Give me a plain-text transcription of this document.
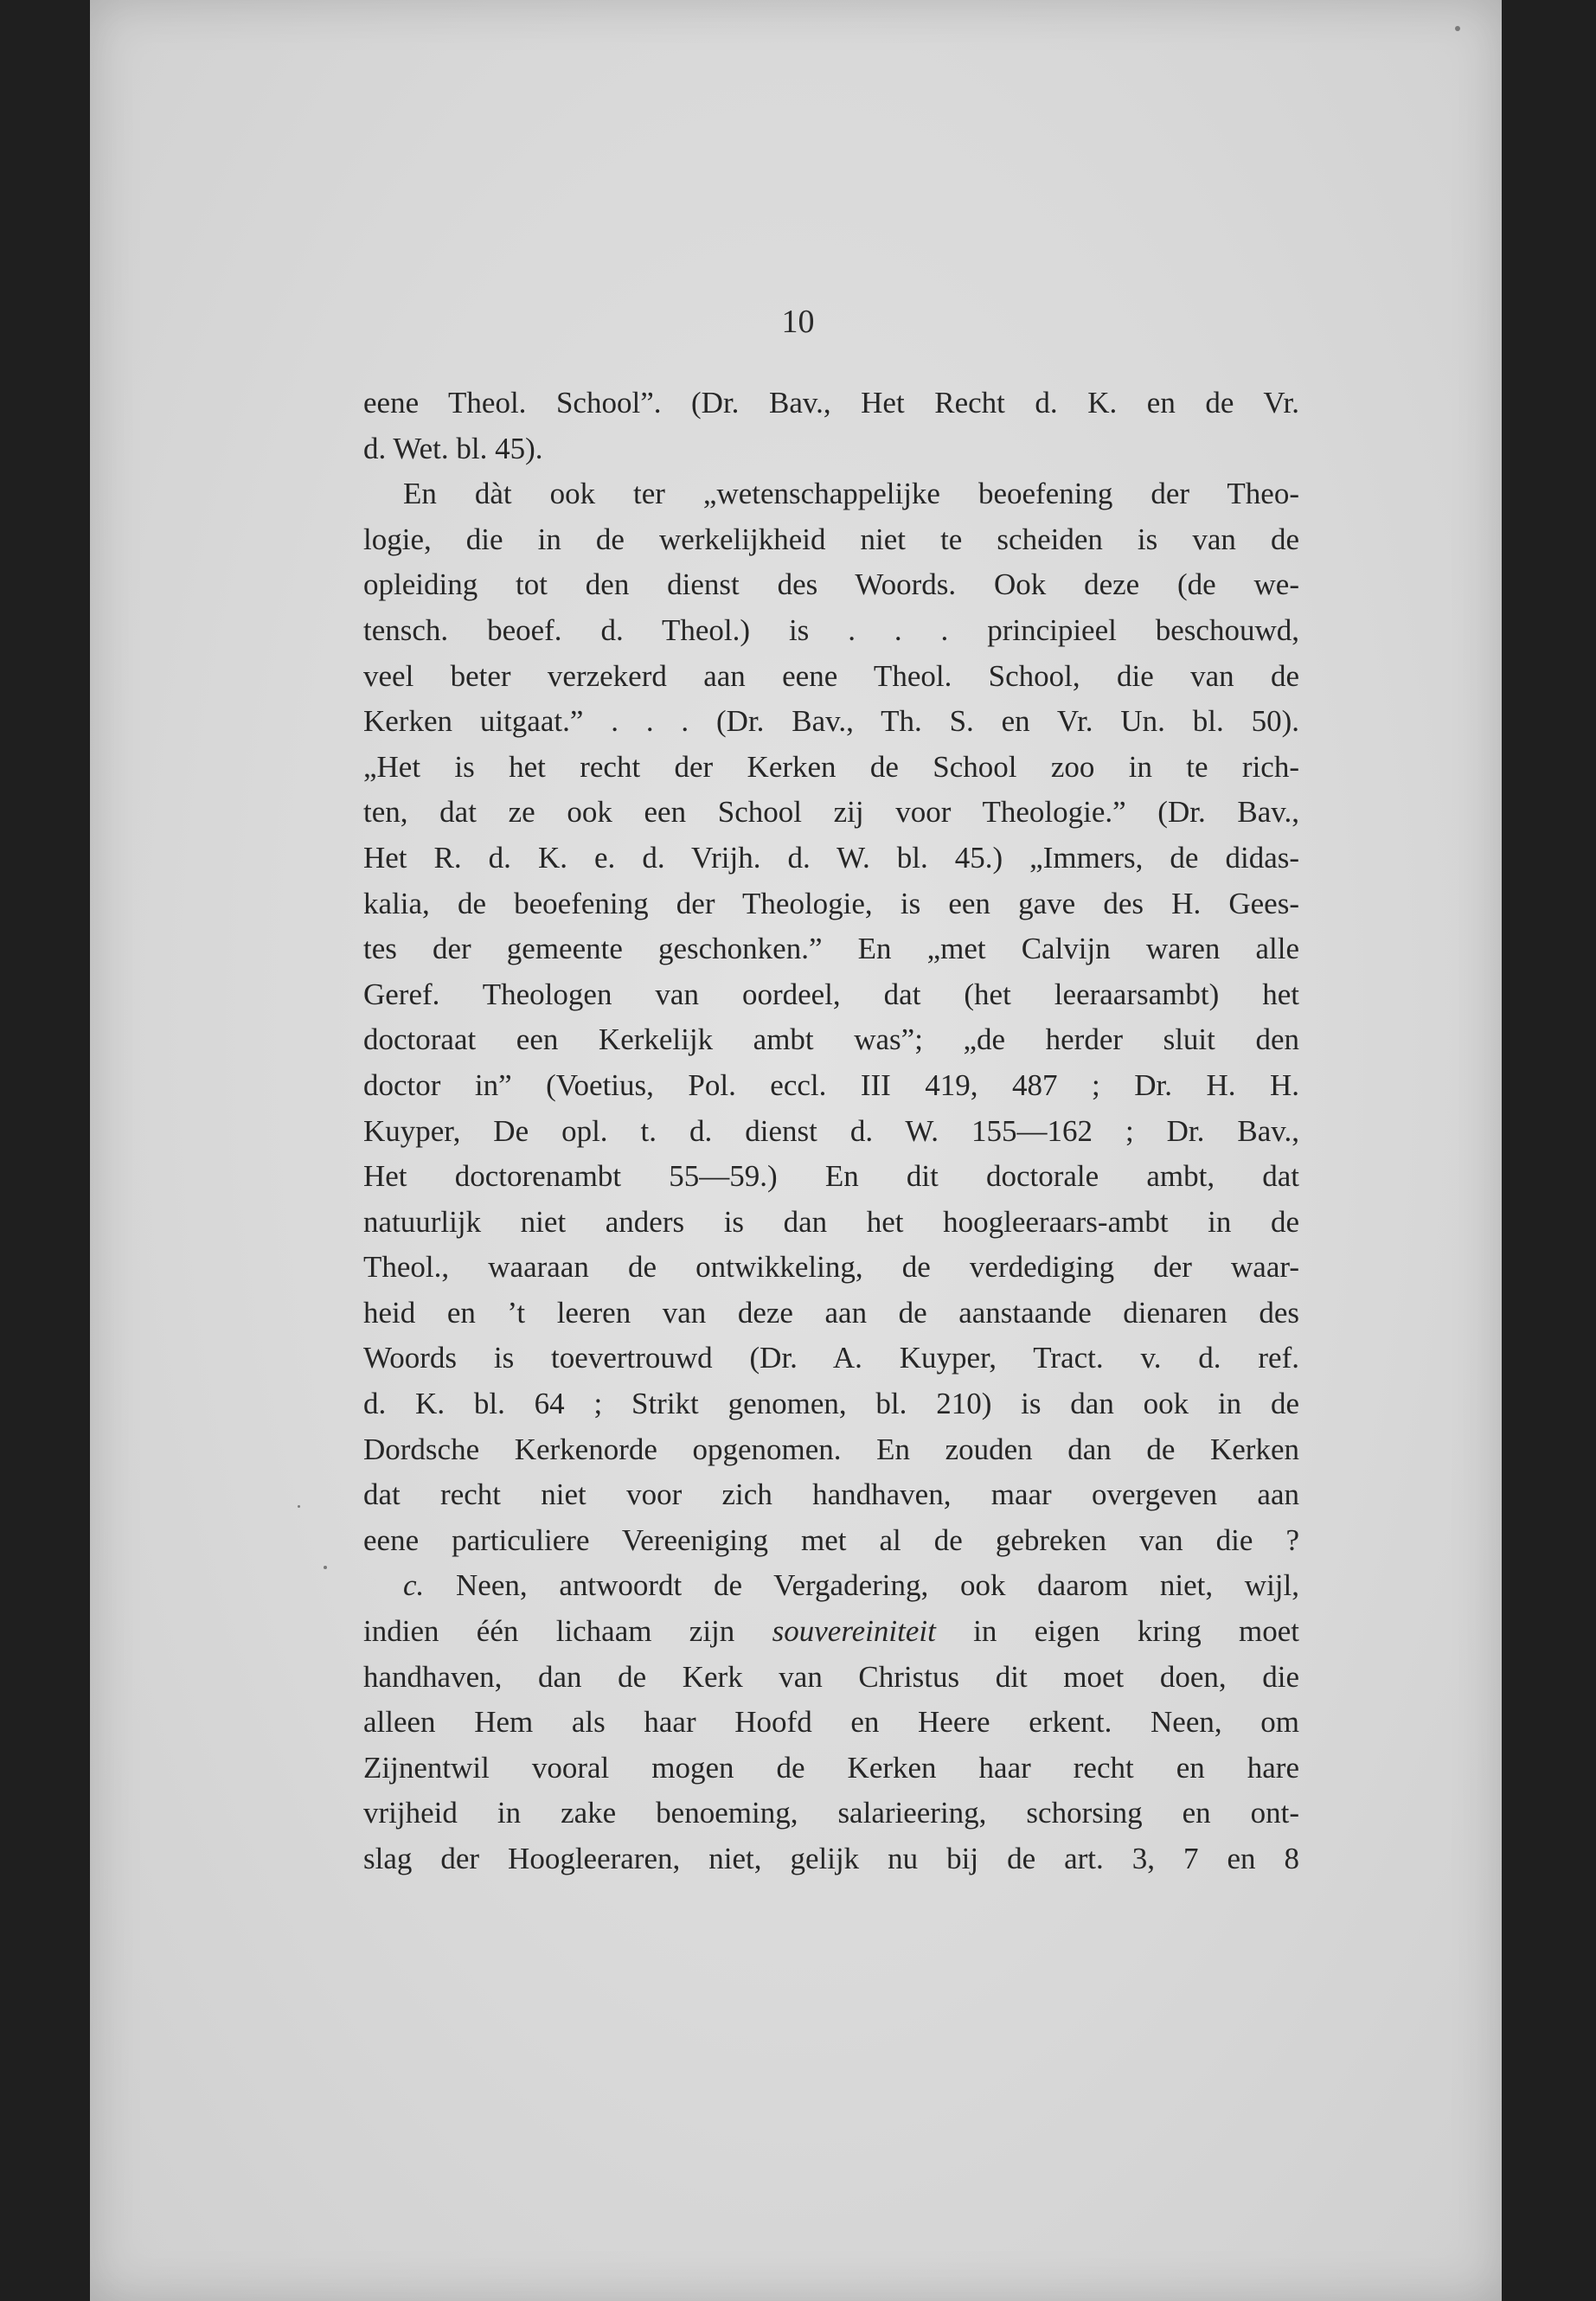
10
eene Theol. School”. (Dr. Bav., Het Recht d. K. en de Vr.
d. Wet. bl. 45).
En dàt ook ter „wetenschappelijke beoefening der Theo-
logie, die in de werkelijkheid niet te scheiden is van de
opleiding tot den dienst des Woords. Ook deze (de we-
tensch. beoef. d. Theol.) is . . . principieel beschouwd,
veel beter verzekerd aan eene Theol. School, die van de
Kerken uitgaat.” . . . (Dr. Bav., Th. S. en Vr. Un. bl. 50).
„Het is het recht der Kerken de School zoo in te rich-
ten, dat ze ook een School zij voor Theologie.” (Dr. Bav.,
Het R. d. K. e. d. Vrijh. d. W. bl. 45.) „Immers, de didas-
kalia, de beoefening der Theologie, is een gave des H. Gees-
tes der gemeente geschonken.” En „met Calvijn waren alle
Geref. Theologen van oordeel, dat (het leeraarsambt) het
doctoraat een Kerkelijk ambt was”; „de herder sluit den
doctor in” (Voetius, Pol. eccl. III 419, 487 ; Dr. H. H.
Kuyper, De opl. t. d. dienst d. W. 155—162 ; Dr. Bav.,
Het doctorenambt 55—59.) En dit doctorale ambt, dat
natuurlijk niet anders is dan het hoogleeraars-ambt in de
Theol., waaraan de ontwikkeling, de verdediging der waar-
heid en ’t leeren van deze aan de aanstaande dienaren des
Woords is toevertrouwd (Dr. A. Kuyper, Tract. v. d. ref.
d. K. bl. 64 ; Strikt genomen, bl. 210) is dan ook in de
Dordsche Kerkenorde opgenomen. En zouden dan de Kerken
dat recht niet voor zich handhaven, maar overgeven aan
eene particuliere Vereeniging met al de gebreken van die ?
c. Neen, antwoordt de Vergadering, ook daarom niet, wijl,
indien één lichaam zijn souvereiniteit in eigen kring moet
handhaven, dan de Kerk van Christus dit moet doen, die
alleen Hem als haar Hoofd en Heere erkent. Neen, om
Zijnentwil vooral mogen de Kerken haar recht en hare
vrijheid in zake benoeming, salarieering, schorsing en ont-
slag der Hoogleeraren, niet, gelijk nu bij de art. 3, 7 en 8
